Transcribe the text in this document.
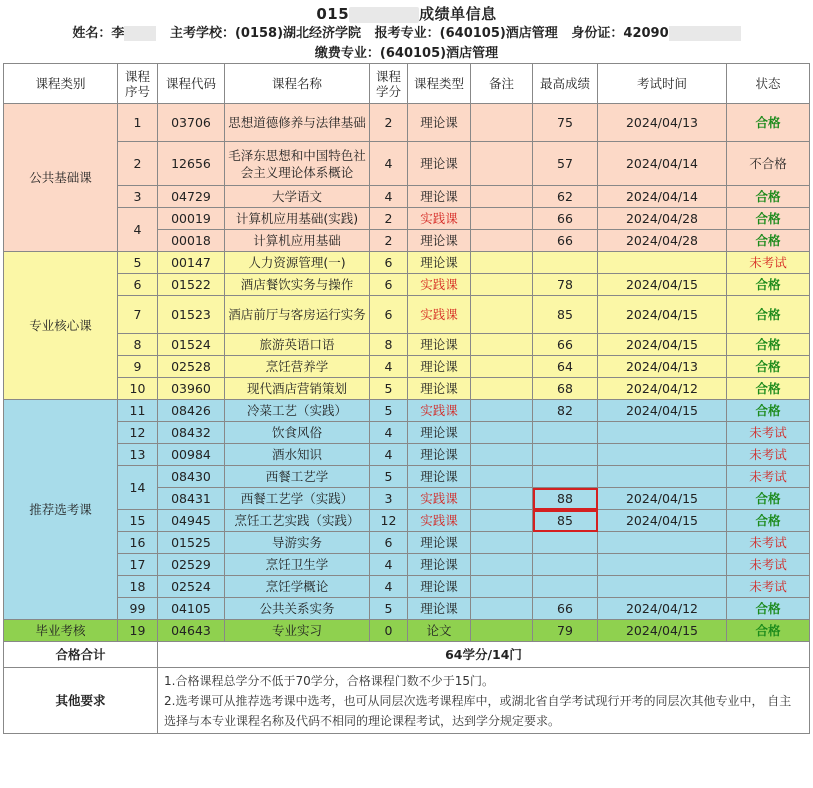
015	成绩单信息
姓名：李	主考学校：(0158)湖北经济学院 报考专业：(640105)酒店管理 身份证：42090
缴费专业：(640105)酒店管理
课程类别	课程序号	课程代码	课程名称	课程学分	课程类型	备注	最高成绩	考试时间	状态
公共基础课	1	03706	思想道德修养与法律基础	2	理论课		75	2024/04/13	合格
	2	12656	毛泽东思想和中国特色社会主义理论体系概论	4	理论课		57	2024/04/14	不合格
	3	04729	大学语文	4	理论课		62	2024/04/14	合格
	4	00019	计算机应用基础(实践)	2	实践课		66	2024/04/28	合格
		00018	计算机应用基础	2	理论课		66	2024/04/28	合格
专业核心课	5	00147	人力资源管理(一)	6	理论课				未考试
	6	01522	酒店餐饮实务与操作	6	实践课		78	2024/04/15	合格
	7	01523	酒店前厅与客房运行实务	6	实践课		85	2024/04/15	合格
	8	01524	旅游英语口语	8	理论课		66	2024/04/15	合格
	9	02528	烹饪营养学	4	理论课		64	2024/04/13	合格
	10	03960	现代酒店营销策划	5	理论课		68	2024/04/12	合格
推荐选考课	11	08426	冷菜工艺（实践）	5	实践课		82	2024/04/15	合格
	12	08432	饮食风俗	4	理论课				未考试
	13	00984	酒水知识	4	理论课				未考试
	14	08430	西餐工艺学	5	理论课				未考试
		08431	西餐工艺学（实践）	3	实践课		88	2024/04/15	合格
	15	04945	烹饪工艺实践（实践）	12	实践课		85	2024/04/15	合格
	16	01525	导游实务	6	理论课				未考试
	17	02529	烹饪卫生学	4	理论课				未考试
	18	02524	烹饪学概论	4	理论课				未考试
	99	04105	公共关系实务	5	理论课		66	2024/04/12	合格
毕业考核	19	04643	专业实习	0	论文		79	2024/04/15	合格
合格合计		64学分/14门							
其他要求		1.合格课程总学分不低于70学分，合格课程门数不少于15门。
2.选考课可从推荐选考课中选考，也可从同层次选考课程库中，或湖北省自学考试现行开考的同层次其他专业中， 自主选择与本专业课程名称及代码不相同的理论课程考试，达到学分规定要求。							
